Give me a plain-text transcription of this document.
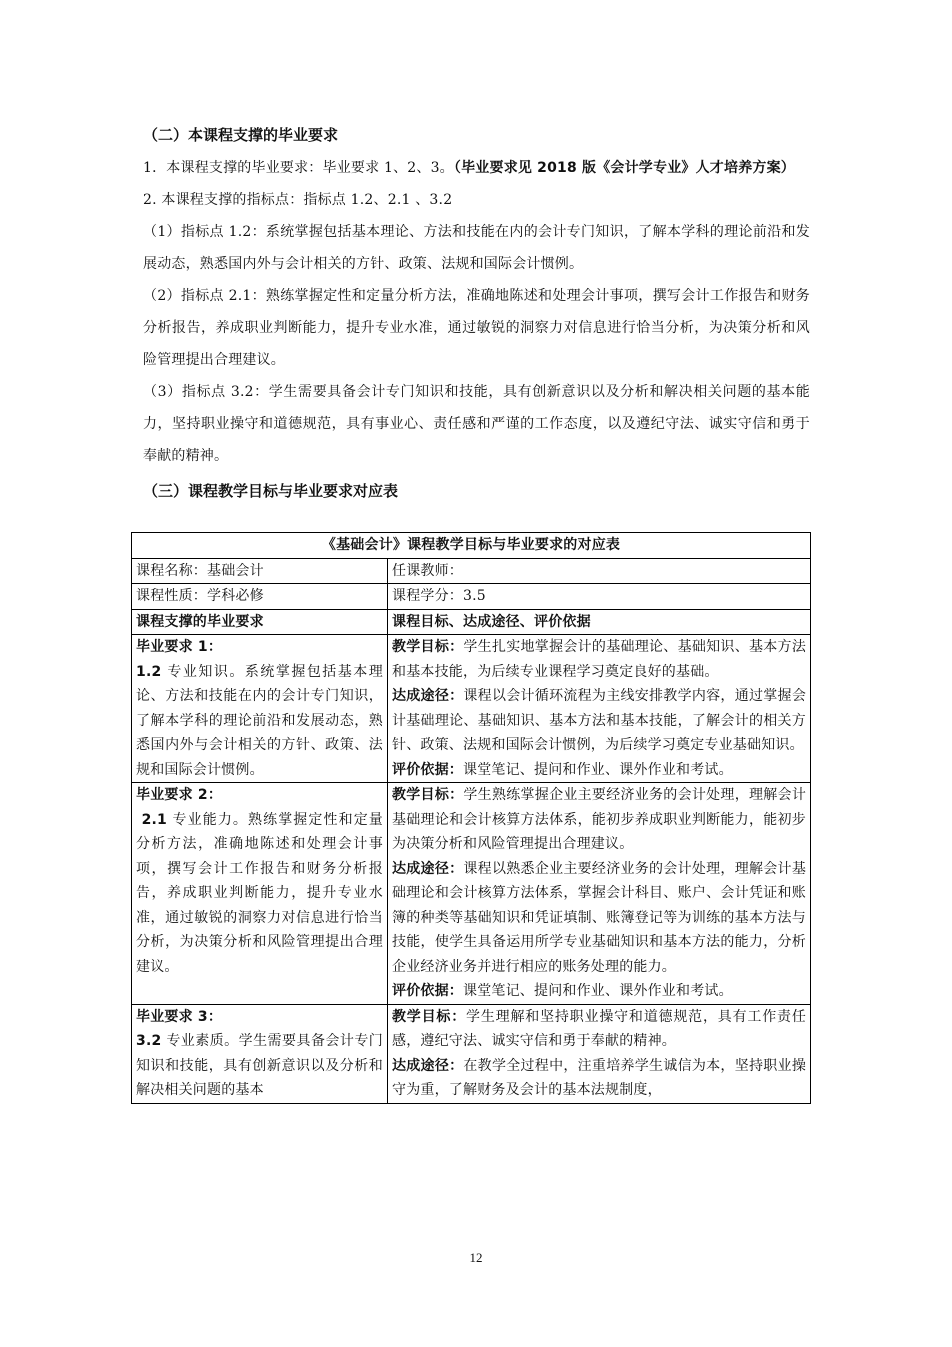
（二）本课程支撑的毕业要求

1．本课程支撑的毕业要求：毕业要求 1、2、3。（毕业要求见 2018 版《会计学专业》人才培养方案）

2. 本课程支撑的指标点：指标点 1.2、2.1 、3.2

（1）指标点 1.2：系统掌握包括基本理论、方法和技能在内的会计专门知识，了解本学科的理论前沿和发展动态，熟悉国内外与会计相关的方针、政策、法规和国际会计惯例。

（2）指标点 2.1：熟练掌握定性和定量分析方法，准确地陈述和处理会计事项，撰写会计工作报告和财务分析报告，养成职业判断能力，提升专业水准，通过敏锐的洞察力对信息进行恰当分析，为决策分析和风险管理提出合理建议。

（3）指标点 3.2：学生需要具备会计专门知识和技能，具有创新意识以及分析和解决相关问题的基本能力，坚持职业操守和道德规范，具有事业心、责任感和严谨的工作态度，以及遵纪守法、诚实守信和勇于奉献的精神。

（三）课程教学目标与毕业要求对应表

《基础会计》课程教学目标与毕业要求的对应表	
课程名称：基础会计	任课教师：
课程性质：学科必修	课程学分：3.5
课程支撑的毕业要求	课程目标、达成途径、评价依据

毕业要求 1：
1.2 专业知识。系统掌握包括基本理论、方法和技能在内的会计专门知识，了解本学科的理论前沿和发展动态，熟悉国内外与会计相关的方针、政策、法规和国际会计惯例。	教学目标：学生扎实地掌握会计的基础理论、基础知识、基本方法和基本技能，为后续专业课程学习奠定良好的基础。
达成途径：课程以会计循环流程为主线安排教学内容，通过掌握会计基础理论、基础知识、基本方法和基本技能，了解会计的相关方针、政策、法规和国际会计惯例，为后续学习奠定专业基础知识。
评价依据：课堂笔记、提问和作业、课外作业和考试。

毕业要求 2：
2.1 专业能力。熟练掌握定性和定量分析方法，准确地陈述和处理会计事项，撰写会计工作报告和财务分析报告，养成职业判断能力，提升专业水准，通过敏锐的洞察力对信息进行恰当分析，为决策分析和风险管理提出合理建议。	教学目标：学生熟练掌握企业主要经济业务的会计处理，理解会计基础理论和会计核算方法体系，能初步养成职业判断能力，能初步为决策分析和风险管理提出合理建议。
达成途径：课程以熟悉企业主要经济业务的会计处理，理解会计基础理论和会计核算方法体系，掌握会计科目、账户、会计凭证和账簿的种类等基础知识和凭证填制、账簿登记等为训练的基本方法与技能，使学生具备运用所学专业基础知识和基本方法的能力，分析企业经济业务并进行相应的账务处理的能力。
评价依据：课堂笔记、提问和作业、课外作业和考试。

毕业要求 3：
3.2 专业素质。学生需要具备会计专门知识和技能，具有创新意识以及分析和解决相关问题的基本	教学目标：学生理解和坚持职业操守和道德规范，具有工作责任感，遵纪守法、诚实守信和勇于奉献的精神。
达成途径：在教学全过程中，注重培养学生诚信为本，坚持职业操守为重，了解财务及会计的基本法规制度，
12
